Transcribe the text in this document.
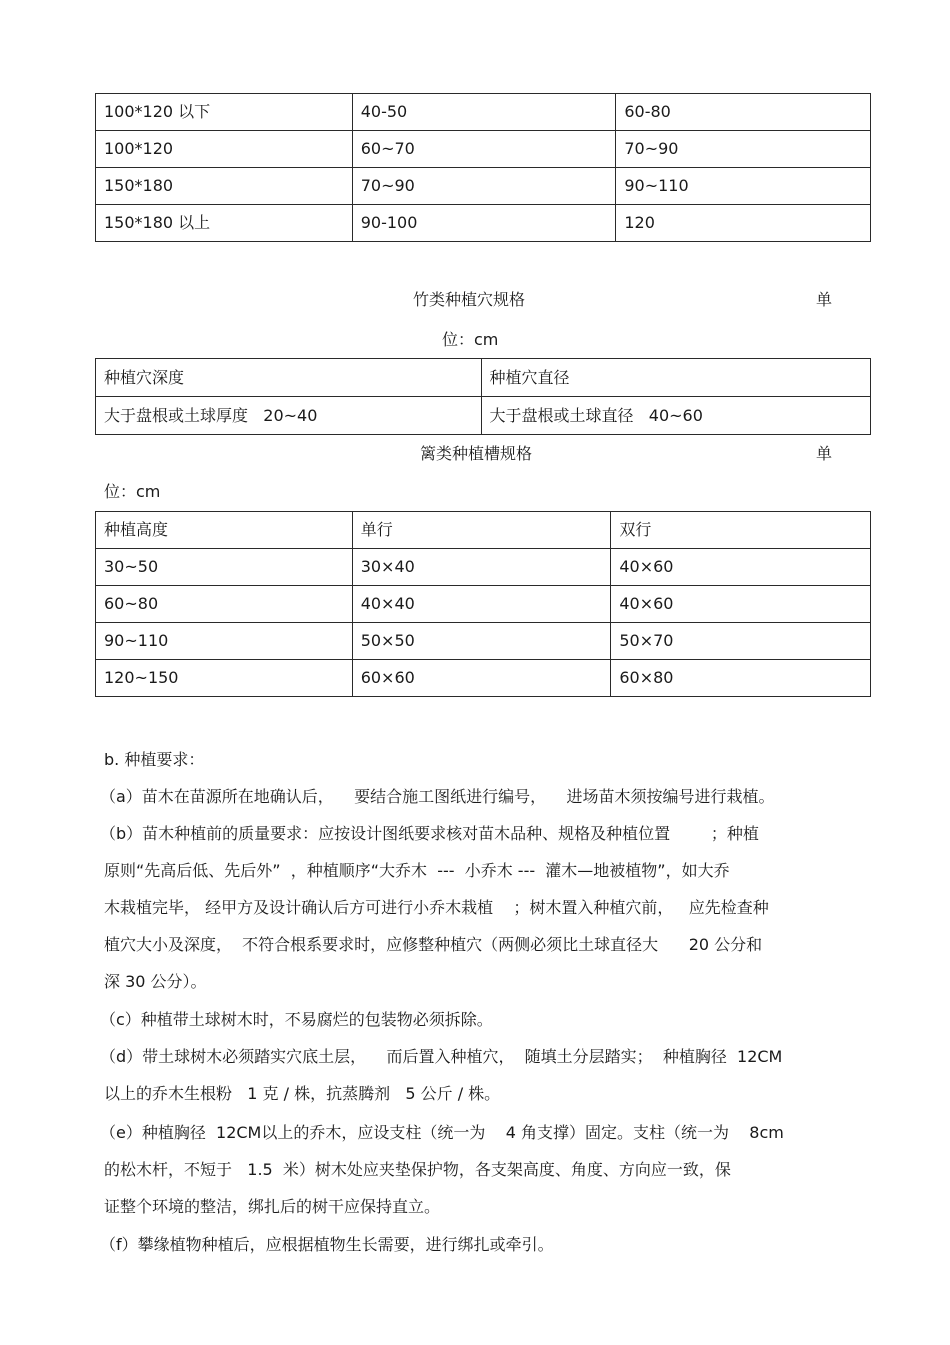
100*120 以下	40-50	60-80
100*120	60~70	70~90
150*180	70~90	90~110
150*180 以上	90-100	120
竹类种植穴规格	单
位：cm
种植穴深度	种植穴直径
大于盘根或土球厚度   20~40	大于盘根或土球直径   40~60
篱类种植槽规格	单
位：cm
种植高度	单行	双行
30~50	30×40	40×60
60~80	40×40	40×60
90~110	50×50	50×70
120~150	60×60	60×80
b. 种植要求：
（a）苗木在苗源所在地确认后，    要结合施工图纸进行编号，    进场苗木须按编号进行栽植。
（b）苗木种植前的质量要求：应按设计图纸要求核对苗木品种、规格及种植位置        ；种植
原则“先高后低、先后外”  ，种植顺序“大乔木  ---  小乔木 ---  灌木—地被植物”，如大乔
木栽植完毕， 经甲方及设计确认后方可进行小乔木栽植    ；树木置入种植穴前，   应先检查种
植穴大小及深度，  不符合根系要求时，应修整种植穴（两侧必须比土球直径大      20 公分和
深 30 公分）。
（c）种植带土球树木时，不易腐烂的包装物必须拆除。
（d）带土球树木必须踏实穴底土层，    而后置入种植穴，  随填土分层踏实；  种植胸径  12CM
以上的乔木生根粉   1 克 / 株，抗蒸腾剂   5 公斤 / 株。
（e）种植胸径  12CM以上的乔木，应设支柱（统一为    4 角支撑）固定。支柱（统一为    8cm
的松木杆，不短于   1.5  米）树木处应夹垫保护物，各支架高度、角度、方向应一致，保
证整个环境的整洁，绑扎后的树干应保持直立。
（f）攀缘植物种植后，应根据植物生长需要，进行绑扎或牵引。
